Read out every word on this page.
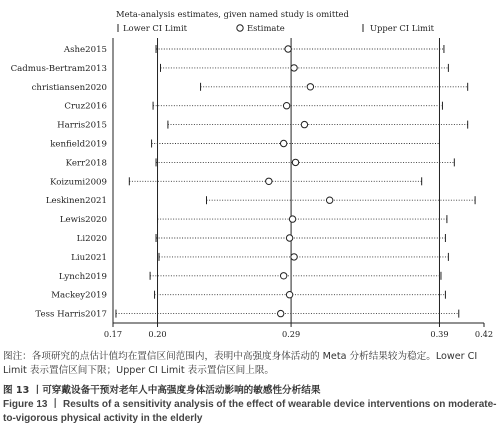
Meta-analysis estimates, given named study is omitted
Lower CI Limit	Estimate	Upper CI Limit
Ashe2015
Cadmus-Bertram2013
christiansen2020
Cruz2016
Harris2015
kenfield2019
Kerr2018
Koizumi2009
Leskinen2021
Lewis2020
Li2020
Liu2021
Lynch2019
Mackey2019
Tess Harris2017
0.17	0.20	0.29	0.39	0.42
图注：各项研究的点估计值均在置信区间范围内，表明中高强度身体活动的 Meta 分析结果较为稳定。Lower CI Limit 表示置信区间下限；Upper CI Limit 表示置信区间上限。
图 13 丨可穿戴设备干预对老年人中高强度身体活动影响的敏感性分析结果
Figure 13 丨 Results of a sensitivity analysis of the effect of wearable device interventions on moderate-to-vigorous physical activity in the elderly
